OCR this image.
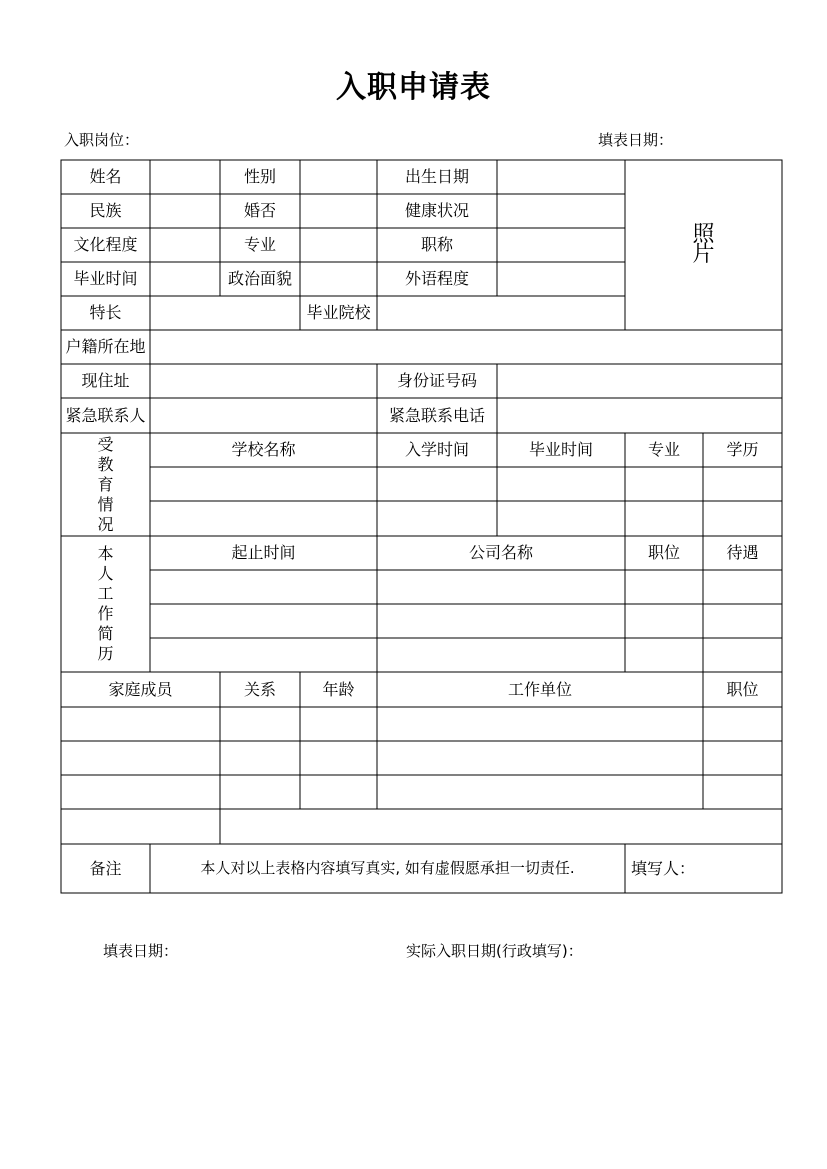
入职申请表
入职岗位：	填表日期：
姓名	性别	出生日期
民族	婚否	健康状况
文化程度	专业	职称
毕业时间	政治面貌	外语程度
特长	毕业院校
照
片
户籍所在地
现住址	身份证号码
紧急联系人	紧急联系电话
受
教
育
情
况
学校名称	入学时间	毕业时间	专业	学历
本
人
工
作
简
历
起止时间	公司名称	职位	待遇
家庭成员	关系	年龄	工作单位	职位
备注	本人对以上表格内容填写真实, 如有虚假愿承担一切责任.	填写人：
填表日期：	实际入职日期(行政填写)：
